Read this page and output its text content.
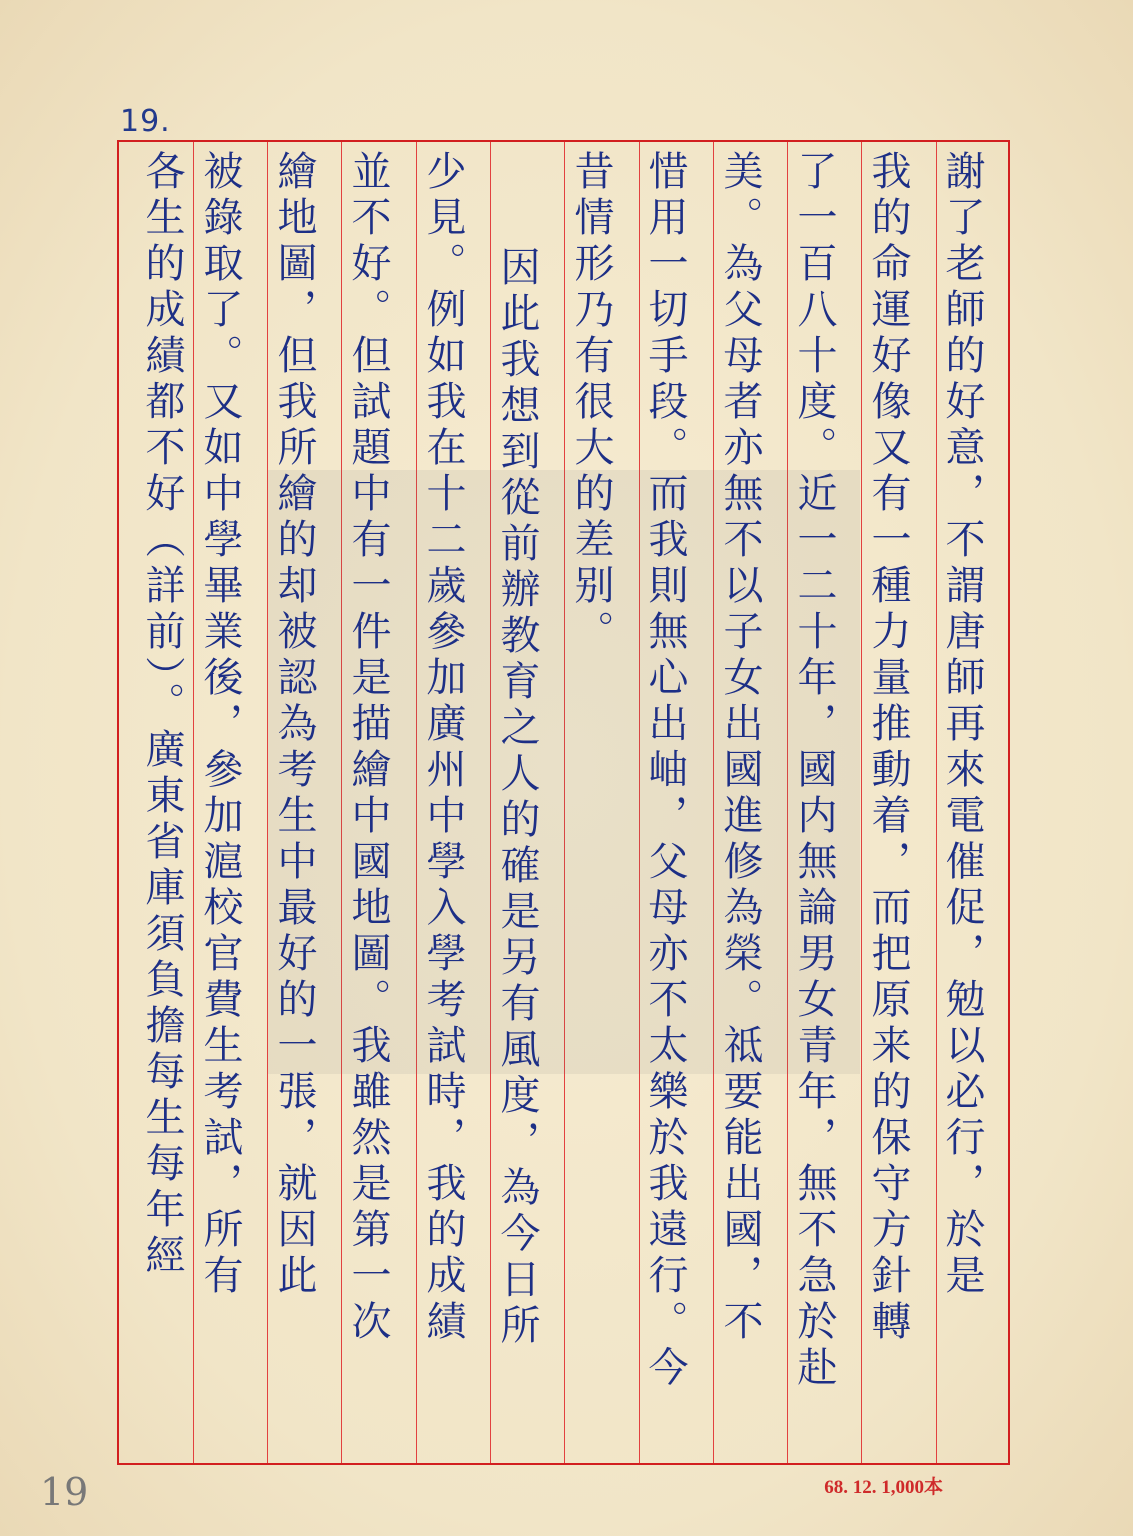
19.
謝了老師的好意，不謂唐師再來電催促，勉以必行，於是
我的命運好像又有一種力量推動着，而把原来的保守方針轉
了一百八十度。近一二十年，國内無論男女青年，無不急於赴
美。為父母者亦無不以子女出國進修為榮。祗要能出國，不
惜用一切手段。而我則無心出岫，父母亦不太樂於我遠行。今
昔情形乃有很大的差别。
　因此我想到從前辦教育之人的確是另有風度，為今日所
少見。例如我在十二歲參加廣州中學入學考試時，我的成績
並不好。但試題中有一件是描繪中國地圖。我雖然是第一次
繪地圖，但我所繪的却被認為考生中最好的一張，就因此
被錄取了。又如中學畢業後，參加滬校官費生考試，所有
各生的成績都不好（詳前）。廣東省庫須負擔每生每年經
68. 12. 1,000本
19
